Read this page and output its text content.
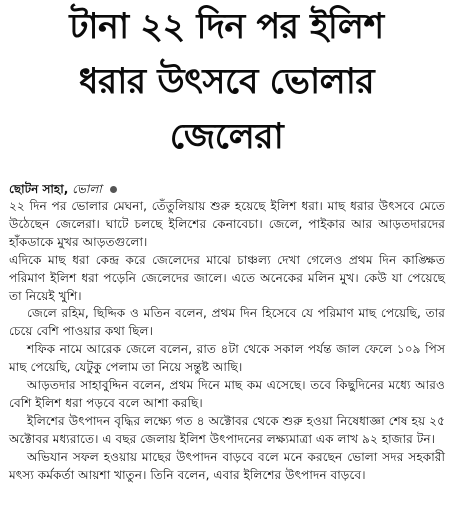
টানা ২২ দিন পর ইলিশ
ধরার উৎসবে ভোলার
জেলেরা
ছোটন সাহা, ভোলা

২২ দিন পর ভোলার মেঘনা, তেঁতুলিয়ায় শুরু হয়েছে ইলিশ ধরা। মাছ ধরার উৎসবে মেতে উঠেছেন জেলেরা। ঘাটে চলছে ইলিশের কেনাবেচা। জেলে, পাইকার আর আড়তদারদের হাঁকডাকে মুখর আড়তগুলো।

এদিকে মাছ ধরা কেন্দ্র করে জেলেদের মাঝে চাঞ্চল্য দেখা গেলেও প্রথম দিন কাঙ্ক্ষিত পরিমাণ ইলিশ ধরা পড়েনি জেলেদের জালে। এতে অনেকের মলিন মুখ। কেউ যা পেয়েছে তা নিয়েই খুশি।

জেলে রহিম, ছিদ্দিক ও মতিন বলেন, প্রথম দিন হিসেবে যে পরিমাণ মাছ পেয়েছি, তার চেয়ে বেশি পাওয়ার কথা ছিল।

শফিক নামে আরেক জেলে বলেন, রাত ৪টা থেকে সকাল পর্যন্ত জাল ফেলে ১০৯ পিস মাছ পেয়েছি, যেটুকু পেলাম তা নিয়ে সন্তুষ্ট আছি।

আড়তদার সাহাবুদ্দিন বলেন, প্রথম দিনে মাছ কম এসেছে। তবে কিছুদিনের মধ্যে আরও বেশি ইলিশ ধরা পড়বে বলে আশা করছি।

ইলিশের উৎপাদন বৃদ্ধির লক্ষ্যে গত ৪ অক্টোবর থেকে শুরু হওয়া নিষেধাজ্ঞা শেষ হয় ২৫ অক্টোবর মধ্যরাতে। এ বছর জেলায় ইলিশ উৎপাদনের লক্ষ্যমাত্রা এক লাখ ৯২ হাজার টন।

অভিযান সফল হওয়ায় মাছের উৎপাদন বাড়বে বলে মনে করছেন ভোলা সদর সহকারী মৎস্য কর্মকর্তা আয়শা খাতুন। তিনি বলেন, এবার ইলিশের উৎপাদন বাড়বে।
